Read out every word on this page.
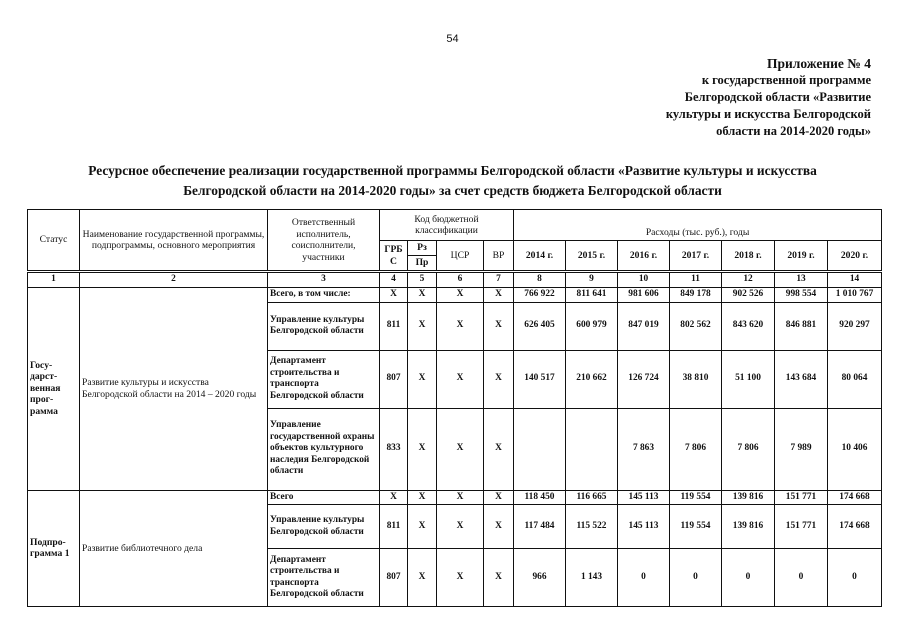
54
Приложение № 4
к государственной программе
Белгородской области «Развитие
культуры и искусства Белгородской
области на 2014-2020 годы»
Ресурсное обеспечение реализации государственной программы Белгородской области «Развитие культуры и искусства
Белгородской области на 2014-2020 годы» за счет средств бюджета Белгородской области
Статус	Наименование государственной программы, подпрограммы, основного мероприятия	Ответственный исполнитель, соисполнители, участники	Код бюджетной классификации				Расходы (тыс. руб.), годы

			ГРБ С	Рз	ЦСР	ВР	
				Пр			
2014 г.	2015 г.	2016 г.	2017 г.	2018 г.	2019 г.	2020 г.
1	2	3	4	5	6	7	8	9	10	11	12	13	14
Госу-дарст-венная прог-рамма	Развитие культуры и искусства Белгородской области на 2014 – 2020 годы	Всего, в том числе:	Х	Х	Х	Х	766 922	811 641	981 606	849 178	902 526	998 554	1 010 767
		Управление культуры Белгородской области	811	Х	Х	Х	626 405	600 979	847 019	802 562	843 620	846 881	920 297
		Департамент строительства и транспорта Белгородской области	807	Х	Х	Х	140 517	210 662	126 724	38 810	51 100	143 684	80 064
		Управление государственной охраны объектов культурного наследия Белгородской области	833	Х	Х	Х			7 863	7 806	7 806	7 989	10 406
Подпро-грамма 1	Развитие библиотечного дела	Всего	Х	Х	Х	Х	118 450	116 665	145 113	119 554	139 816	151 771	174 668
		Управление культуры Белгородской области	811	Х	Х	Х	117 484	115 522	145 113	119 554	139 816	151 771	174 668
		Департамент строительства и транспорта Белгородской области	807	Х	Х	Х	966	1 143	0	0	0	0	0
